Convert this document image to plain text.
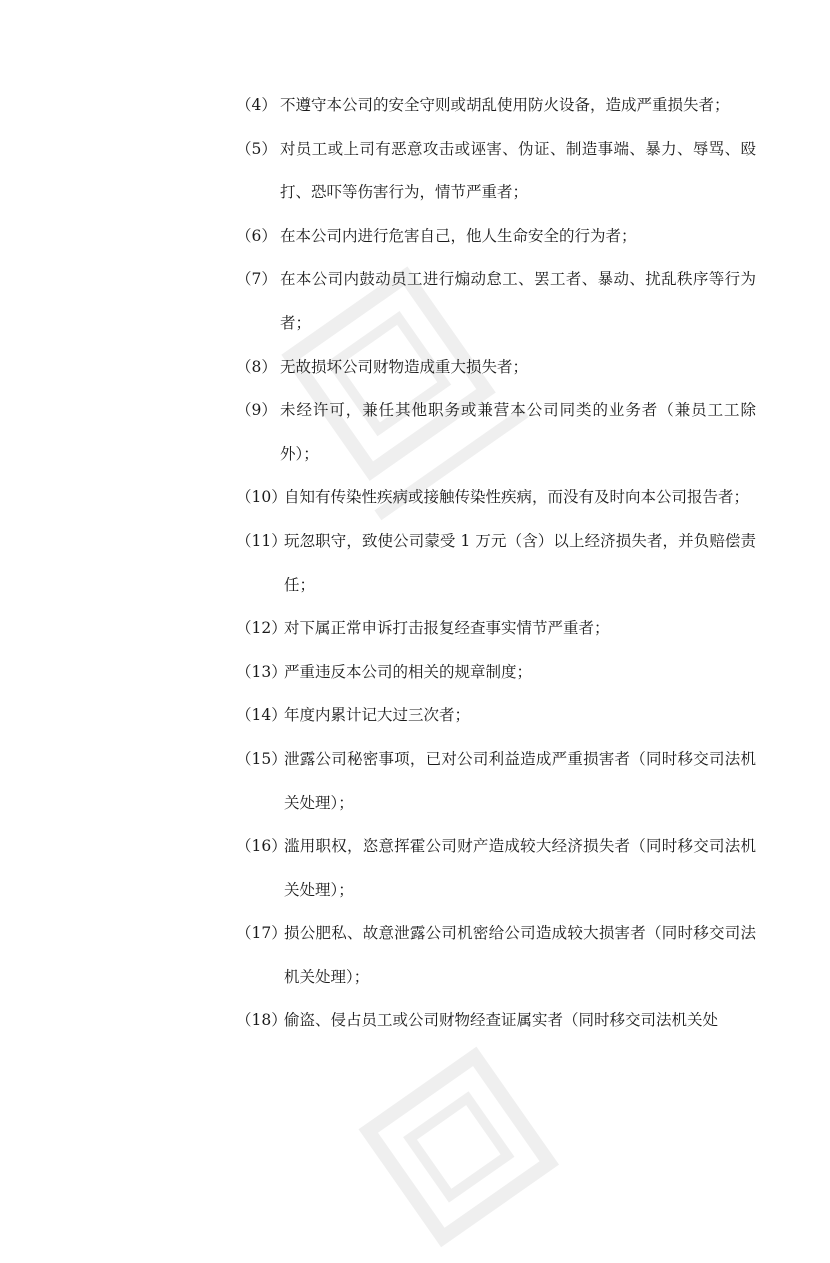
（4） 不遵守本公司的安全守则或胡乱使用防火设备，造成严重损失者；
（5） 对员工或上司有恶意攻击或诬害、伪证、制造事端、暴力、辱骂、殴打、恐吓等伤害行为，情节严重者；
（6） 在本公司内进行危害自己，他人生命安全的行为者；
（7） 在本公司内鼓动员工进行煽动怠工、罢工者、暴动、扰乱秩序等行为者；
（8） 无故损坏公司财物造成重大损失者；
（9） 未经许可，兼任其他职务或兼营本公司同类的业务者（兼员工工除外）；
（10）
自知有传染性疾病或接触传染性疾病，而没有及时向本公司报告者；
（11）
玩忽职守，致使公司蒙受 1 万元（含）以上经济损失者，并负赔偿责任；
（12）
对下属正常申诉打击报复经查事实情节严重者；
（13）
严重违反本公司的相关的规章制度；
（14）
年度内累计记大过三次者；
（15）
泄露公司秘密事项，已对公司利益造成严重损害者（同时移交司法机关处理）；
（16）
滥用职权，恣意挥霍公司财产造成较大经济损失者（同时移交司法机关处理）；
（17）
损公肥私、故意泄露公司机密给公司造成较大损害者（同时移交司法机关处理）；
（18）
偷盗、侵占员工或公司财物经查证属实者（同时移交司法机关处
